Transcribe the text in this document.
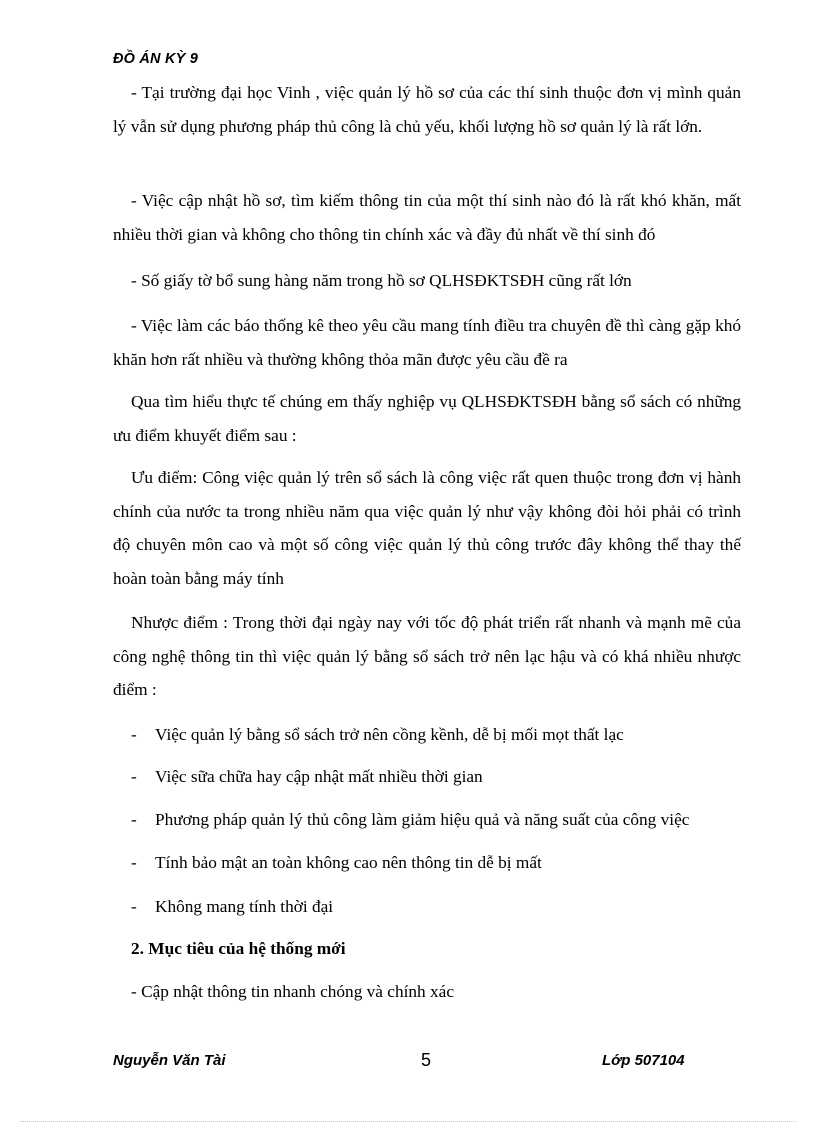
ĐỒ ÁN KỲ 9
- Tại trường đại học Vinh , việc quản lý hồ sơ của các thí sinh thuộc đơn vị mình quản lý vẫn sử dụng phương pháp thủ công là chủ yếu, khối lượng hồ sơ quản lý là rất lớn.
- Việc cập nhật hồ sơ, tìm kiếm thông tin của một thí sinh nào đó là rất khó khăn, mất nhiều thời gian và không cho thông tin chính xác và đầy đủ nhất về thí sinh đó
- Số giấy tờ bổ sung hàng năm trong hồ sơ QLHSĐKTSĐH cũng rất lớn
- Việc làm các báo thống kê theo yêu cầu mang tính điều tra chuyên đề thì càng gặp khó khăn hơn rất nhiều và thường không thỏa mãn được yêu cầu đề ra
Qua tìm hiểu thực tế chúng em thấy nghiệp vụ QLHSĐKTSĐH bằng sổ sách có những ưu điểm khuyết điểm sau :
Ưu điểm: Công việc quản lý trên sổ sách là công việc rất quen thuộc trong đơn vị hành chính của nước ta trong nhiều năm qua việc quản lý như vậy không đòi hỏi phải có trình độ chuyên môn cao và một số công việc quản lý thủ công trước đây không thể thay thế hoàn toàn bằng máy tính
Nhược điểm : Trong thời đại ngày nay với tốc độ phát triển rất nhanh và mạnh mẽ của công nghệ thông tin thì việc quản lý bằng sổ sách trở nên lạc hậu và có khá nhiều nhược điểm :
- Việc quản lý bằng sổ sách trở nên cồng kềnh, dễ bị mối mọt thất lạc
- Việc sữa chữa hay cập nhật mất nhiều thời gian
- Phương pháp quản lý thủ công làm giảm hiệu quả và năng suất của công việc
- Tính bảo mật an toàn không cao nên thông tin dễ bị mất
- Không mang tính thời đại
2. Mục tiêu của hệ thống mới
- Cập nhật thông tin nhanh chóng và chính xác
Nguyễn Văn Tài	5	Lớp 507104
